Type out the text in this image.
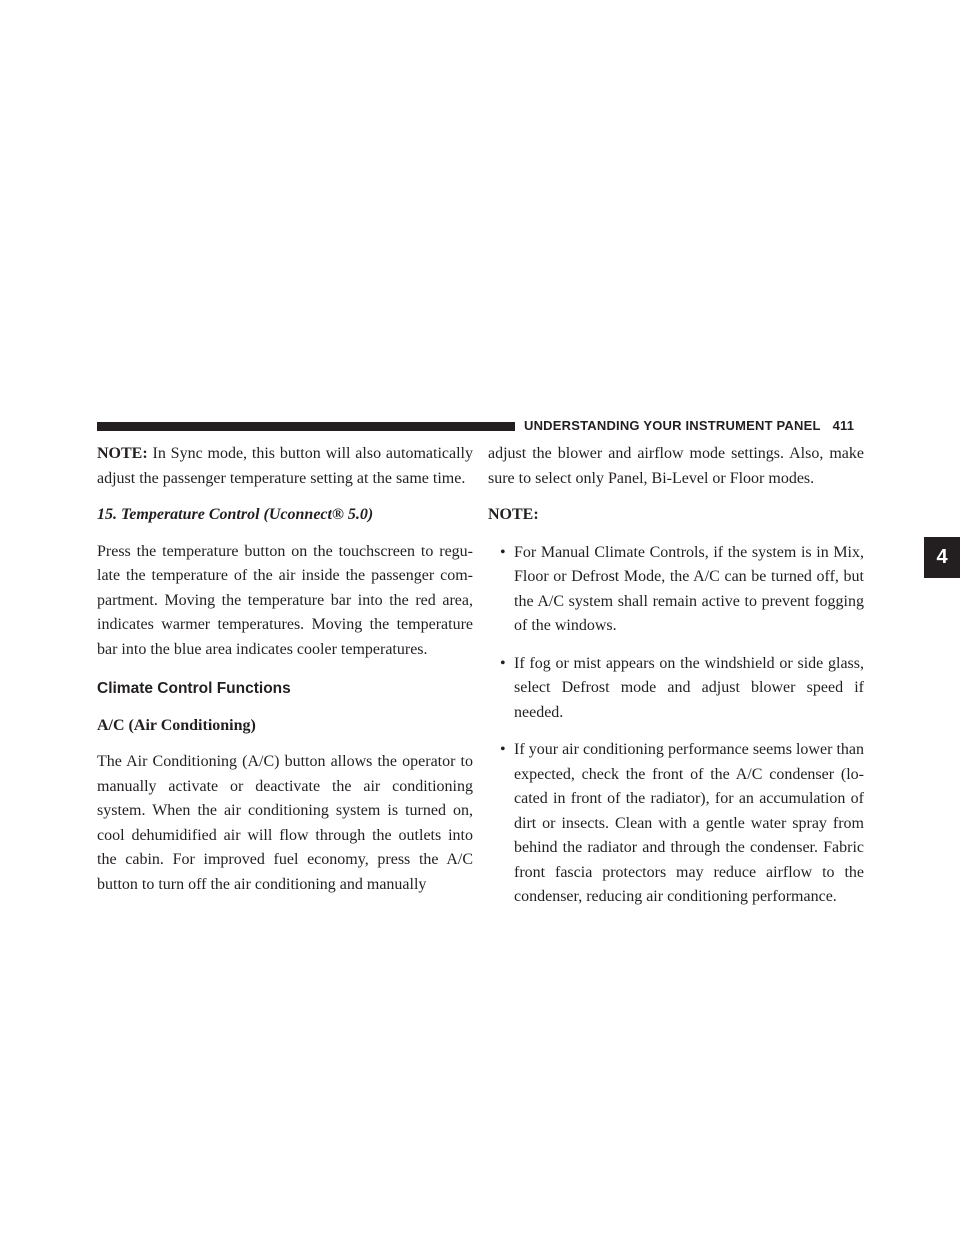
UNDERSTANDING YOUR INSTRUMENT PANEL 411
4

NOTE: In Sync mode, this button will also automatically adjust the passenger temperature setting at the same time.

15. Temperature Control (Uconnect® 5.0)

Press the temperature button on the touchscreen to regu-late the temperature of the air inside the passenger com-partment. Moving the temperature bar into the red area, indicates warmer temperatures. Moving the temperature bar into the blue area indicates cooler temperatures.

Climate Control Functions
A/C (Air Conditioning)

The Air Conditioning (A/C) button allows the operator to manually activate or deactivate the air conditioning system. When the air conditioning system is turned on, cool dehumidified air will flow through the outlets into the cabin. For improved fuel economy, press the A/C button to turn off the air conditioning and manually

adjust the blower and airflow mode settings. Also, make sure to select only Panel, Bi-Level or Floor modes.

NOTE:
• For Manual Climate Controls, if the system is in Mix, Floor or Defrost Mode, the A/C can be turned off, but the A/C system shall remain active to prevent fogging of the windows.
• If fog or mist appears on the windshield or side glass, select Defrost mode and adjust blower speed if needed.
• If your air conditioning performance seems lower than expected, check the front of the A/C condenser (lo-cated in front of the radiator), for an accumulation of dirt or insects. Clean with a gentle water spray from behind the radiator and through the condenser. Fabric front fascia protectors may reduce airflow to the condenser, reducing air conditioning performance.
